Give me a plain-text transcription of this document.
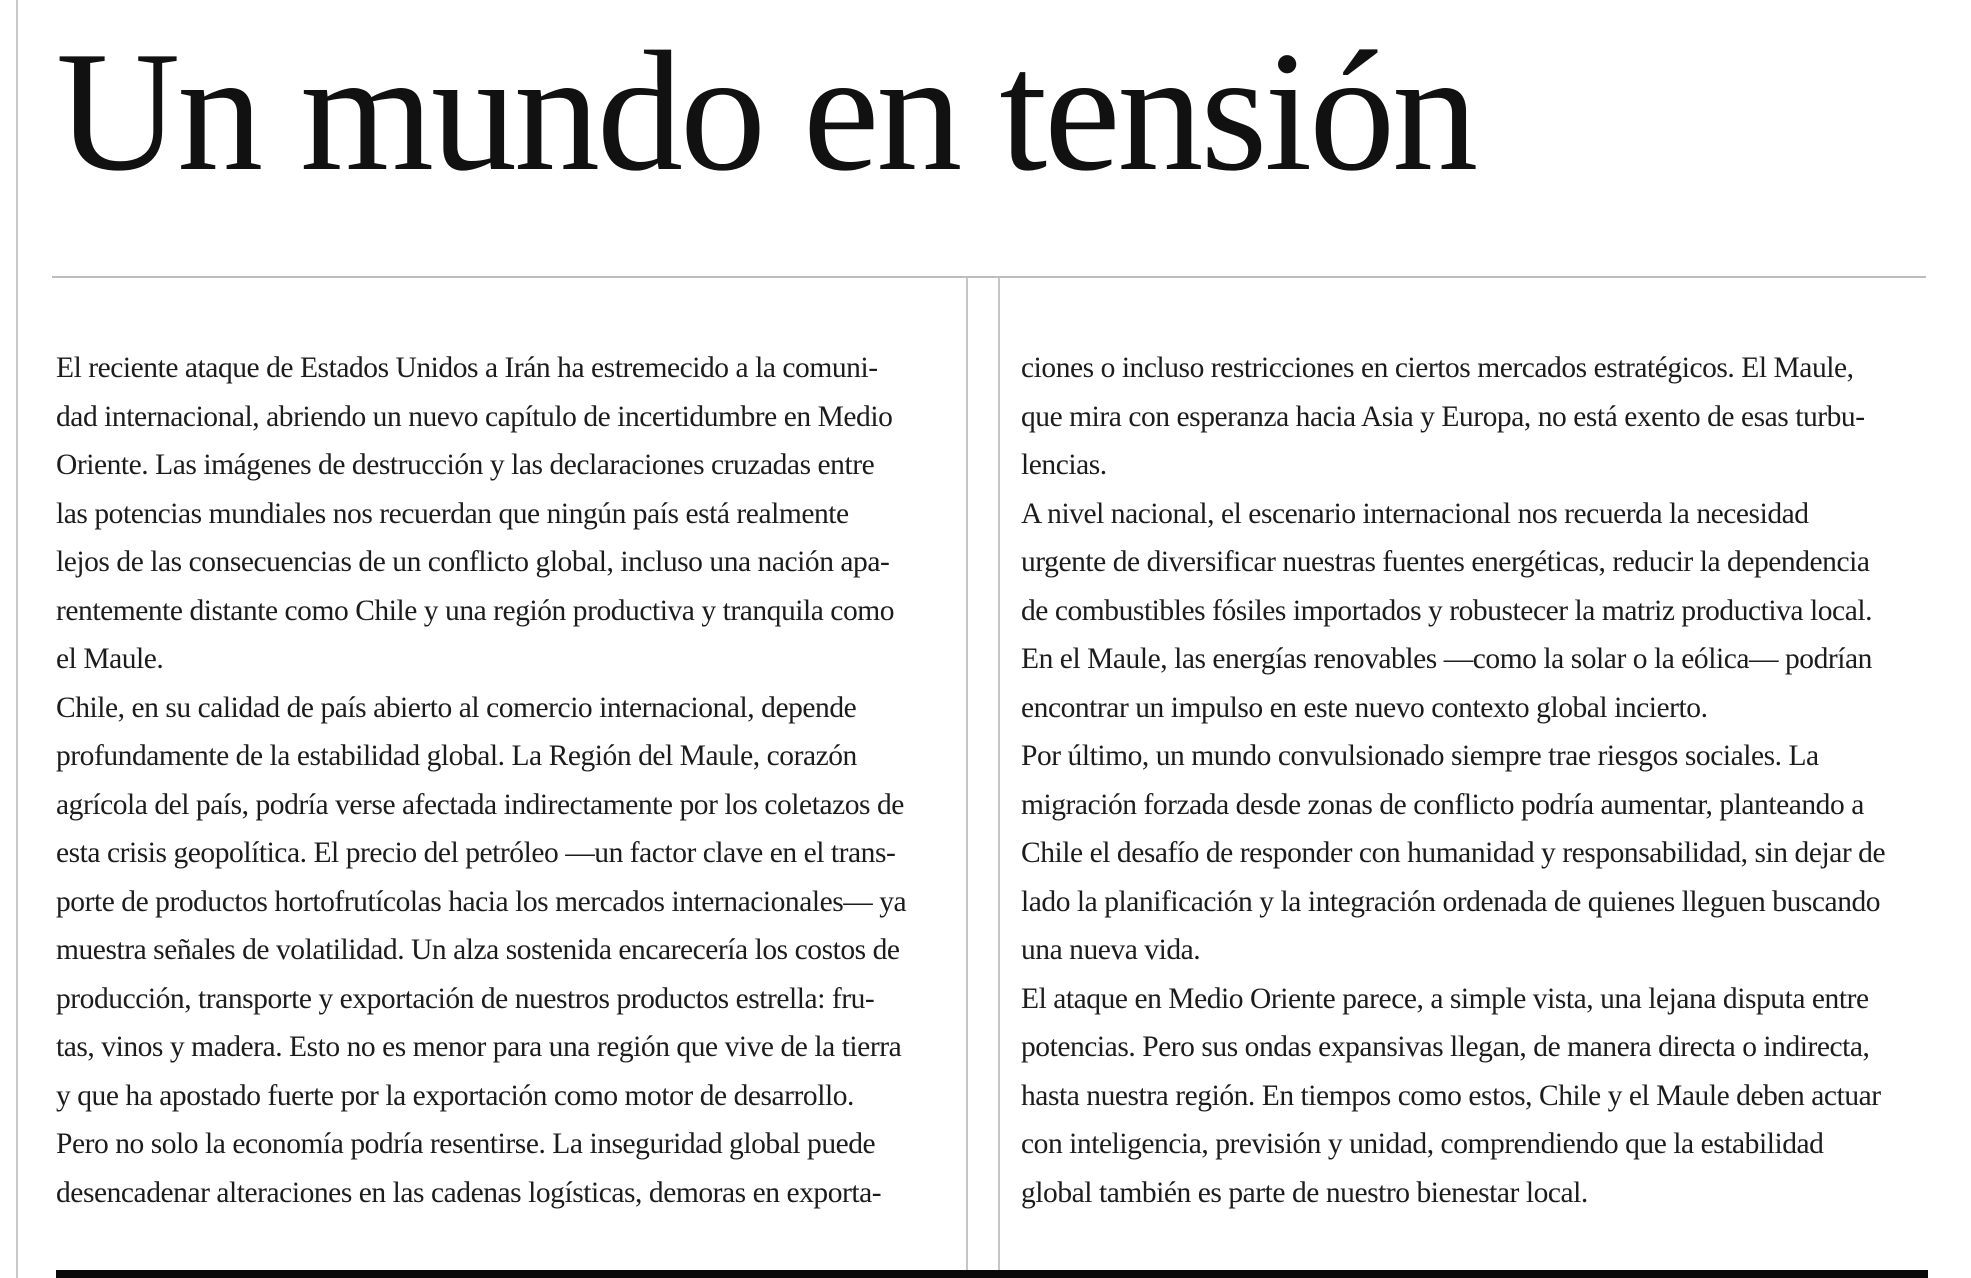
Un mundo en tensión
El reciente ataque de Estados Unidos a Irán ha estremecido a la comuni-
dad internacional, abriendo un nuevo capítulo de incertidumbre en Medio
Oriente. Las imágenes de destrucción y las declaraciones cruzadas entre
las potencias mundiales nos recuerdan que ningún país está realmente
lejos de las consecuencias de un conflicto global, incluso una nación apa-
rentemente distante como Chile y una región productiva y tranquila como
el Maule.
Chile, en su calidad de país abierto al comercio internacional, depende
profundamente de la estabilidad global. La Región del Maule, corazón
agrícola del país, podría verse afectada indirectamente por los coletazos de
esta crisis geopolítica. El precio del petróleo —un factor clave en el trans-
porte de productos hortofrutícolas hacia los mercados internacionales— ya
muestra señales de volatilidad. Un alza sostenida encarecería los costos de
producción, transporte y exportación de nuestros productos estrella: fru-
tas, vinos y madera. Esto no es menor para una región que vive de la tierra
y que ha apostado fuerte por la exportación como motor de desarrollo.
Pero no solo la economía podría resentirse. La inseguridad global puede
desencadenar alteraciones en las cadenas logísticas, demoras en exporta-
ciones o incluso restricciones en ciertos mercados estratégicos. El Maule,
que mira con esperanza hacia Asia y Europa, no está exento de esas turbu-
lencias.
A nivel nacional, el escenario internacional nos recuerda la necesidad
urgente de diversificar nuestras fuentes energéticas, reducir la dependencia
de combustibles fósiles importados y robustecer la matriz productiva local.
En el Maule, las energías renovables —como la solar o la eólica— podrían
encontrar un impulso en este nuevo contexto global incierto.
Por último, un mundo convulsionado siempre trae riesgos sociales. La
migración forzada desde zonas de conflicto podría aumentar, planteando a
Chile el desafío de responder con humanidad y responsabilidad, sin dejar de
lado la planificación y la integración ordenada de quienes lleguen buscando
una nueva vida.
El ataque en Medio Oriente parece, a simple vista, una lejana disputa entre
potencias. Pero sus ondas expansivas llegan, de manera directa o indirecta,
hasta nuestra región. En tiempos como estos, Chile y el Maule deben actuar
con inteligencia, previsión y unidad, comprendiendo que la estabilidad
global también es parte de nuestro bienestar local.
